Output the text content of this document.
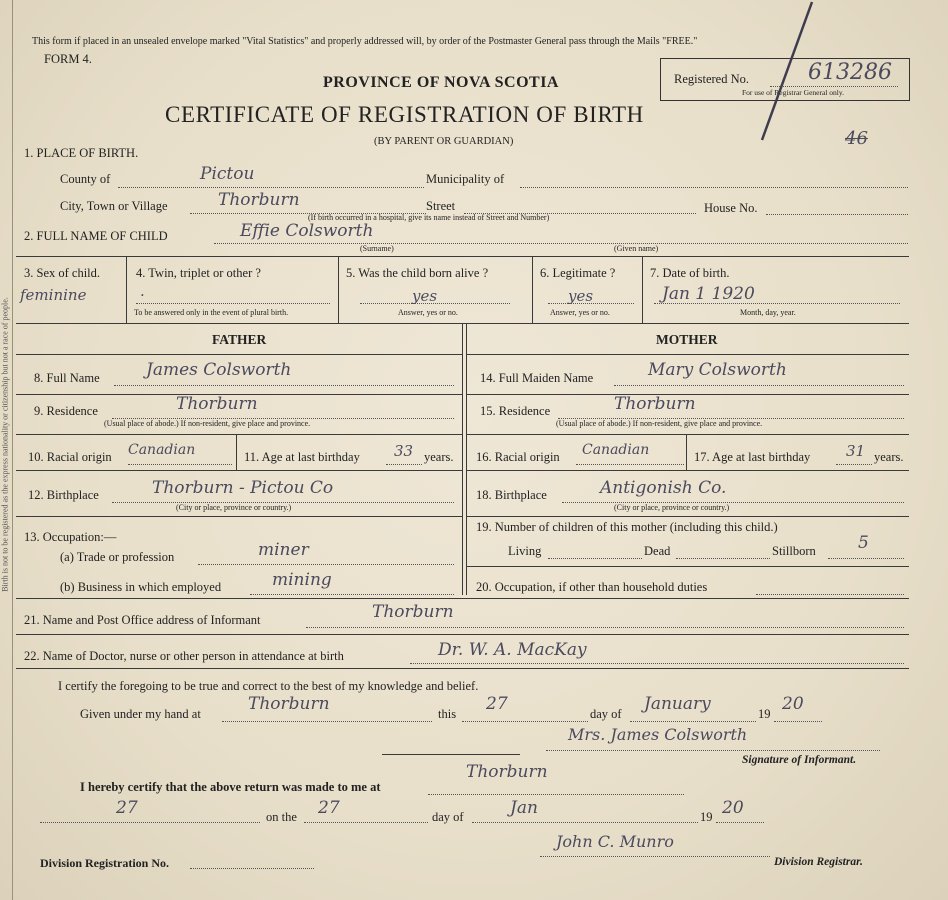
Birth is not to be registered as the express nationality or citizenship but not a race of people.
This form if placed in an unsealed envelope marked "Vital Statistics" and properly addressed will, by order of the Postmaster General pass through the Mails "FREE."
FORM 4.
PROVINCE OF NOVA SCOTIA
CERTIFICATE OF REGISTRATION OF BIRTH
(BY PARENT OR GUARDIAN)
Registered No.	613286
For use of Registrar General only.
46
1. PLACE OF BIRTH.
County of	Pictou	Municipality of
City, Town or Village	Thorburn	Street	House No.
(If birth occurred in a hospital, give its name instead of Street and Number)
2. FULL NAME OF CHILD	Effie Colsworth
(Surname)	(Given name)
3. Sex of child.
feminine
4. Twin, triplet or other ?
.
To be answered only in the event of plural birth.
5. Was the child born alive ?
yes
Answer, yes or no.
6. Legitimate ?
yes
Answer, yes or no.
7. Date of birth.
Jan 1 1920
Month, day, year.
FATHER	MOTHER
8. Full Name	James Colsworth
9. Residence	Thorburn
(Usual place of abode.) If non-resident, give place and province.
10. Racial origin Canadian	11. Age at last birthday 33 years.
12. Birthplace	Thorburn - Pictou Co
(City or place, province or country.)
13. Occupation:—
(a) Trade or profession	miner
(b) Business in which employed	mining
14. Full Maiden Name	Mary Colsworth
15. Residence	Thorburn
(Usual place of abode.) If non-resident, give place and province.
16. Racial origin Canadian	17. Age at last birthday 31 years.
18. Birthplace	Antigonish Co.
(City or place, province or country.)
19. Number of children of this mother (including this child.)
Living	Dead	Stillborn 5
20. Occupation, if other than household duties
21. Name and Post Office address of Informant	Thorburn
22. Name of Doctor, nurse or other person in attendance at birth	Dr. W. A. MacKay
I certify the foregoing to be true and correct to the best of my knowledge and belief.
Given under my hand at	Thorburn	this 27	day of January	19 20
Mrs. James Colsworth
Signature of Informant.
I hereby certify that the above return was made to me at
Thorburn
27	on the 27	day of	Jan	19 20
Division Registration No.
John C. Munro
Division Registrar.
